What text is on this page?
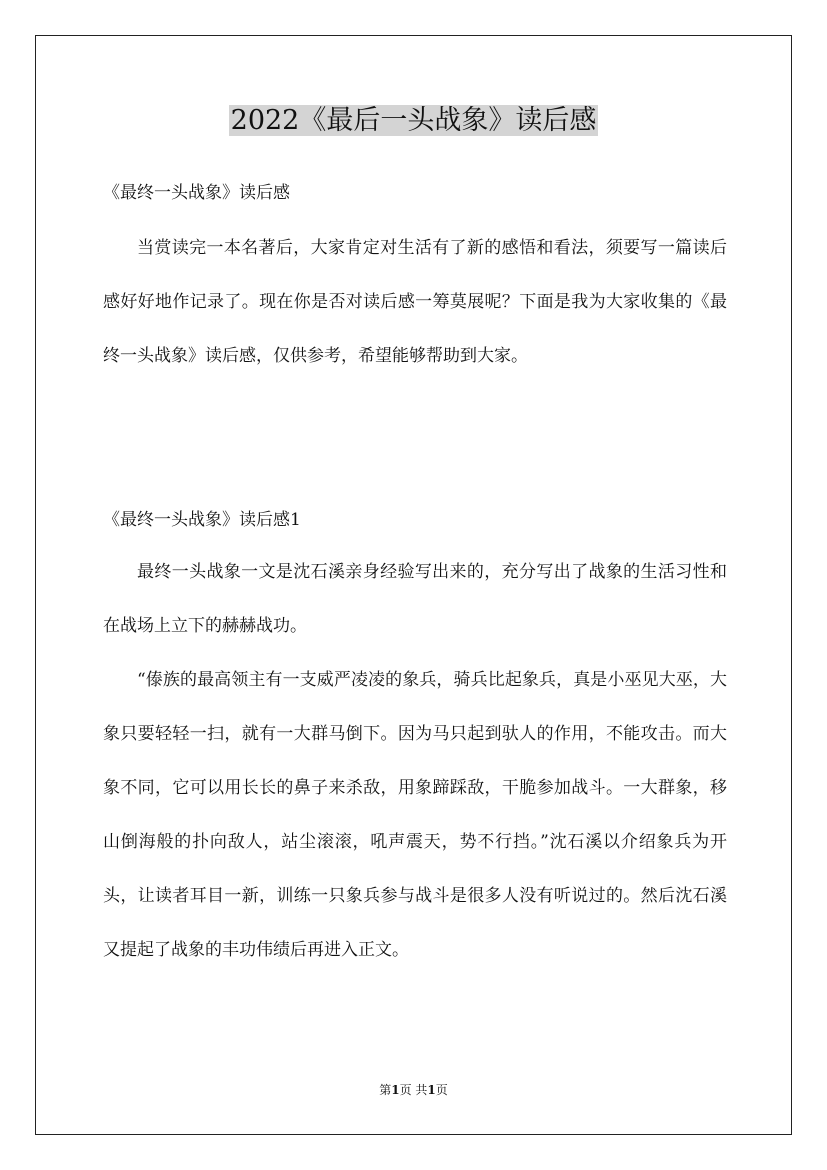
2022《最后一头战象》读后感
《最终一头战象》读后感
当赏读完一本名著后，大家肯定对生活有了新的感悟和看法，须要写一篇读后感好好地作记录了。现在你是否对读后感一筹莫展呢？下面是我为大家收集的《最终一头战象》读后感，仅供参考，希望能够帮助到大家。
《最终一头战象》读后感1
最终一头战象一文是沈石溪亲身经验写出来的，充分写出了战象的生活习性和在战场上立下的赫赫战功。
“傣族的最高领主有一支威严凌凌的象兵，骑兵比起象兵，真是小巫见大巫，大象只要轻轻一扫，就有一大群马倒下。因为马只起到驮人的作用，不能攻击。而大象不同，它可以用长长的鼻子来杀敌，用象蹄踩敌，干脆参加战斗。一大群象，移山倒海般的扑向敌人，站尘滚滚，吼声震天，势不行挡。”沈石溪以介绍象兵为开头，让读者耳目一新，训练一只象兵参与战斗是很多人没有听说过的。然后沈石溪又提起了战象的丰功伟绩后再进入正文。
第1页 共1页
